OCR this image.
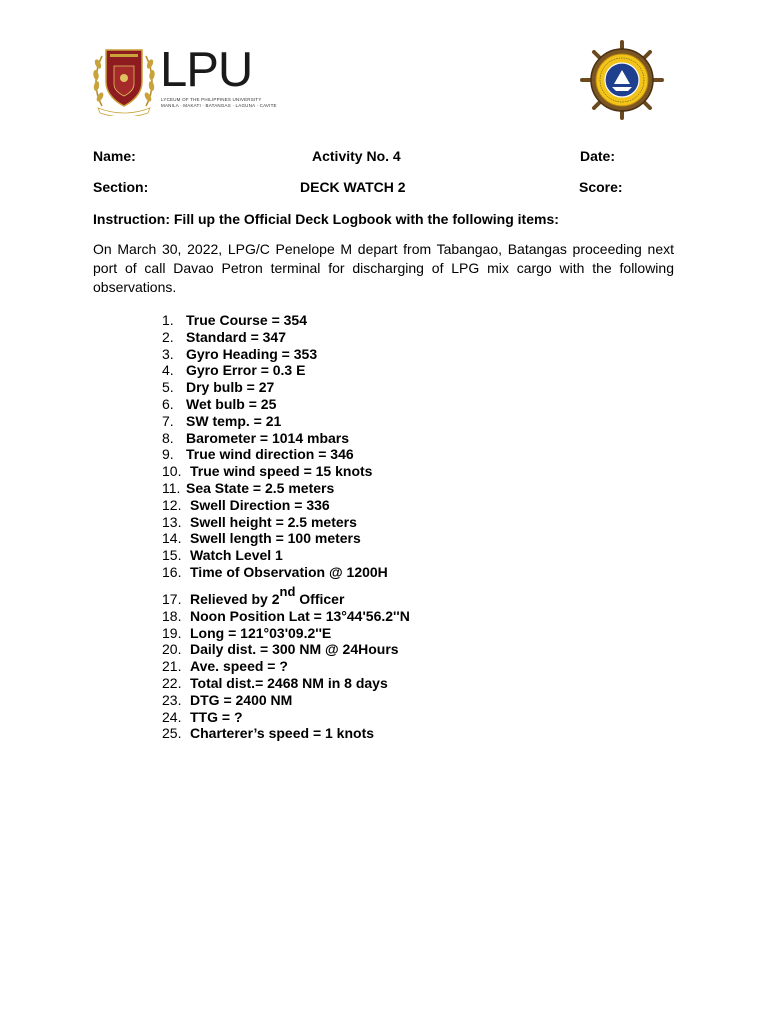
LPU
LYCEUM OF THE PHILIPPINES UNIVERSITY
MANILA · MAKATI · BATANGAS · LAGUNA · CAVITE
Name:	Activity No. 4	Date:
Section:	DECK WATCH 2	Score:
Instruction: Fill up the Official Deck Logbook with the following items:

On March 30, 2022, LPG/C Penelope M depart from Tabangao, Batangas proceeding next port of call Davao Petron terminal for discharging of LPG mix cargo with the following observations.

1. True Course = 354
2. Standard = 347
3. Gyro Heading = 353
4. Gyro Error = 0.3 E
5. Dry bulb = 27
6. Wet bulb = 25
7. SW temp. = 21
8. Barometer = 1014 mbars
9. True wind direction = 346
10. True wind speed = 15 knots
11. Sea State = 2.5 meters
12. Swell Direction = 336
13. Swell height = 2.5 meters
14. Swell length = 100 meters
15. Watch Level 1
16. Time of Observation @ 1200H
17. Relieved by 2nd Officer
18. Noon Position Lat = 13°44'56.2''N
19. Long = 121°03'09.2''E
20. Daily dist. = 300 NM @ 24Hours
21. Ave. speed = ?
22. Total dist.= 2468 NM in 8 days
23. DTG = 2400 NM
24. TTG = ?
25. Charterer’s speed = 1 knots
